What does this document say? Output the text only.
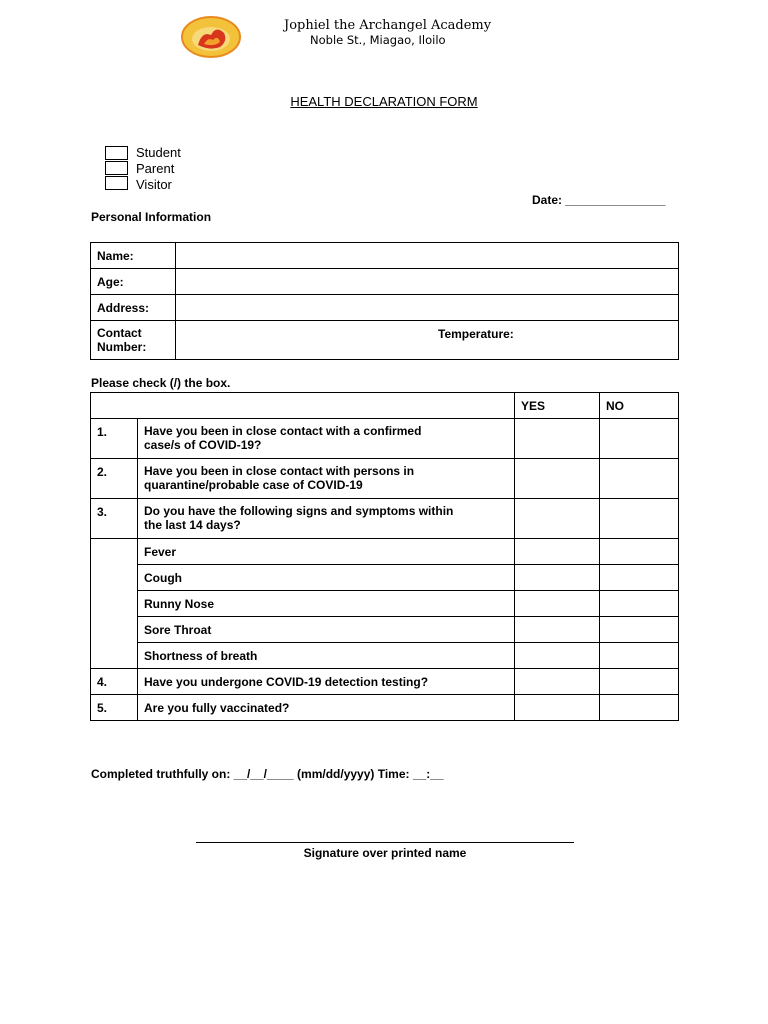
Jophiel the Archangel Academy
Noble St., Miagao, Iloilo
HEALTH DECLARATION FORM
Student
Parent
Visitor
Date: _______________
Personal Information
Name:	
Age:	
Address:	
Contact
Number:	Temperature:
Please check (/) the box.
		YES	NO
1.	Have you been in close contact with a confirmed
case/s of COVID-19?		
2.	Have you been in close contact with persons in
quarantine/probable case of COVID-19		
3.	Do you have the following signs and symptoms within
the last 14 days?		
	Fever		
	Cough		
	Runny Nose		
	Sore Throat		
	Shortness of breath		
4.	Have you undergone COVID-19 detection testing?		
5.	Are you fully vaccinated?		
Completed truthfully on: __/__/____ (mm/dd/yyyy) Time: __:__
Signature over printed name
